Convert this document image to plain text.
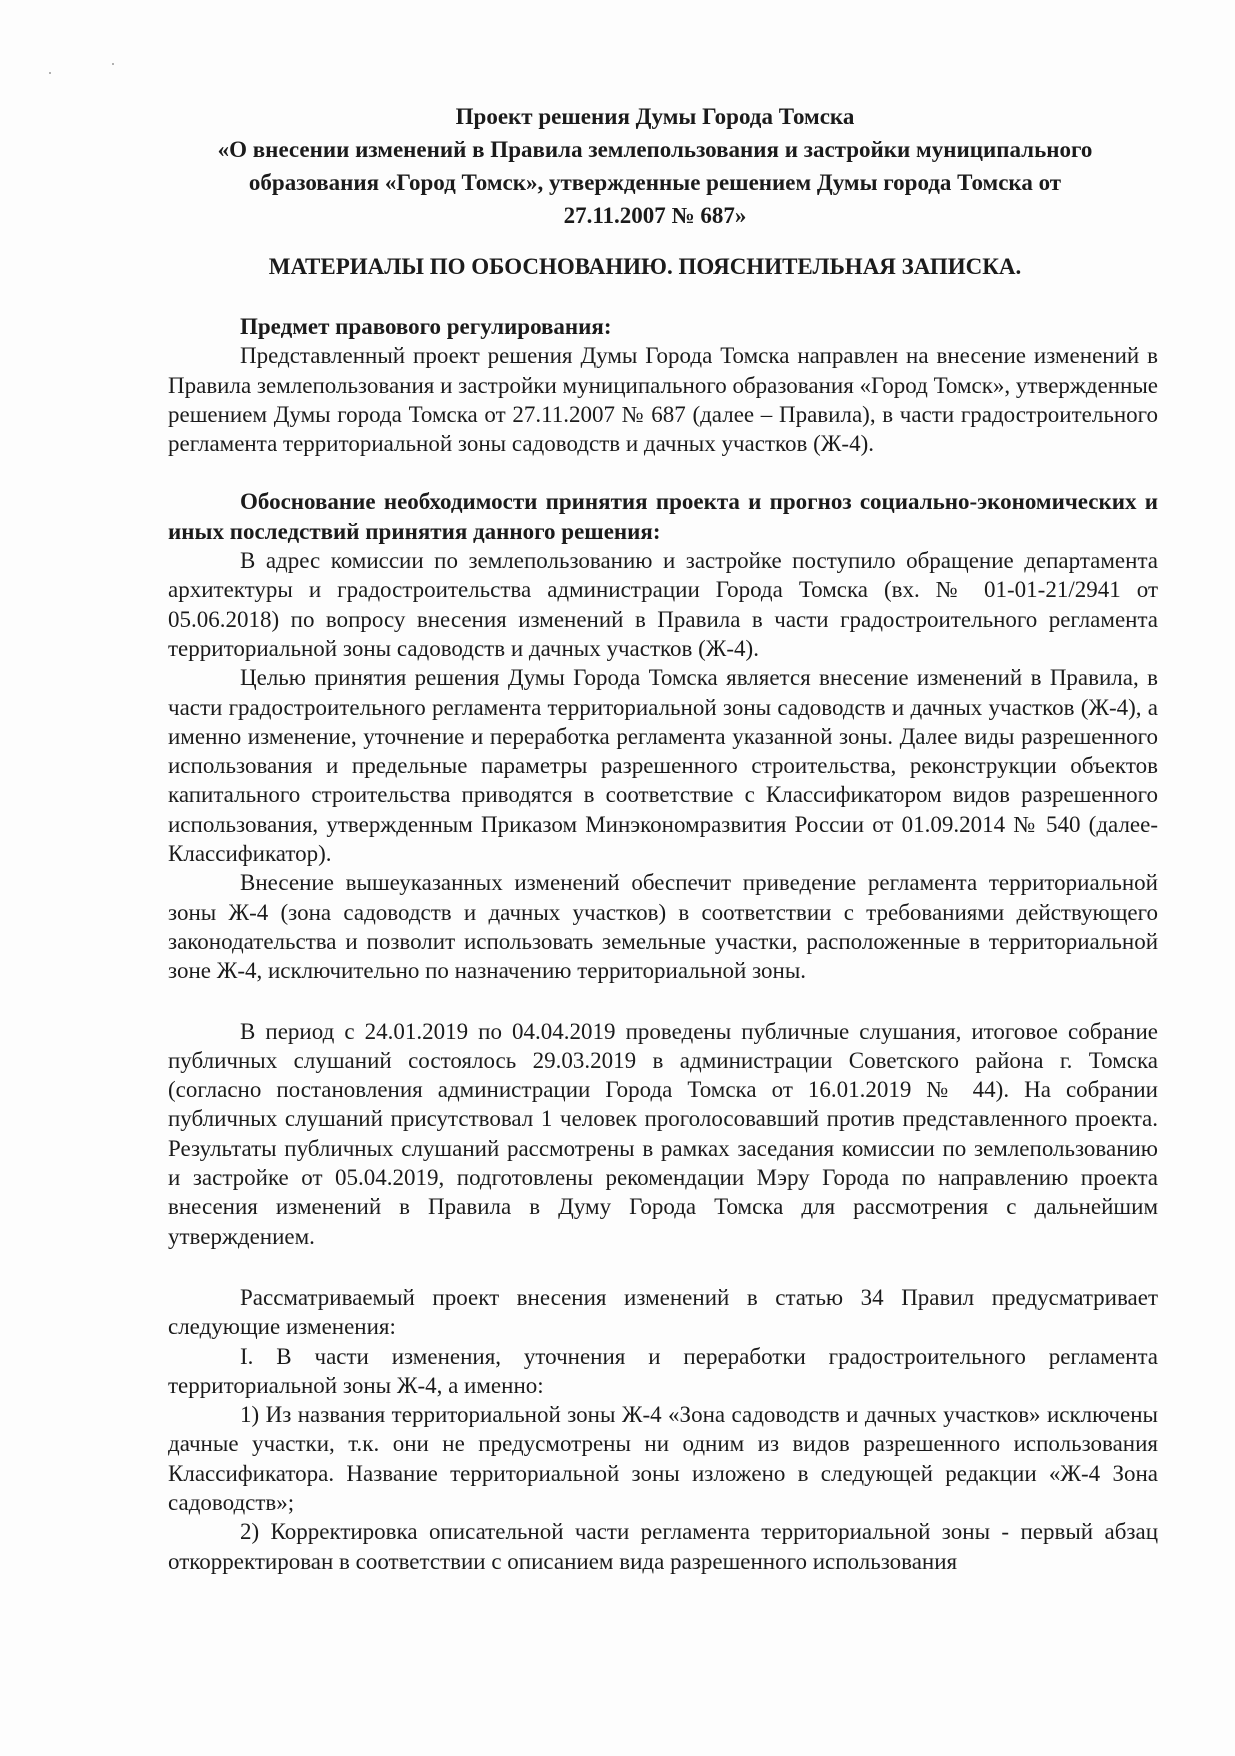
Проект решения Думы Города Томска
«О внесении изменений в Правила землепользования и застройки муниципального
образования «Город Томск», утвержденные решением Думы города Томска от
27.11.2007 № 687»
МАТЕРИАЛЫ ПО ОБОСНОВАНИЮ. ПОЯСНИТЕЛЬНАЯ ЗАПИСКА.
Предмет правового регулирования:

Представленный проект решения Думы Города Томска направлен на внесение изменений в Правила землепользования и застройки муниципального образования «Город Томск», утвержденные решением Думы города Томска от 27.11.2007 № 687 (далее – Правила), в части градостроительного регламента территориальной зоны садоводств и дачных участков (Ж-4).

Обоснование необходимости принятия проекта и прогноз социально-экономических и иных последствий принятия данного решения:

В адрес комиссии по землепользованию и застройке поступило обращение департамента архитектуры и градостроительства администрации Города Томска (вх. № 01-01-21/2941 от 05.06.2018) по вопросу внесения изменений в Правила в части градостроительного регламента территориальной зоны садоводств и дачных участков (Ж-4).

Целью принятия решения Думы Города Томска является внесение изменений в Правила, в части градостроительного регламента территориальной зоны садоводств и дачных участков (Ж-4), а именно изменение, уточнение и переработка регламента указанной зоны. Далее виды разрешенного использования и предельные параметры разрешенного строительства, реконструкции объектов капитального строительства приводятся в соответствие с Классификатором видов разрешенного использования, утвержденным Приказом Минэкономразвития России от 01.09.2014 № 540 (далее-Классификатор).

Внесение вышеуказанных изменений обеспечит приведение регламента территориальной зоны Ж-4 (зона садоводств и дачных участков) в соответствии с требованиями действующего законодательства и позволит использовать земельные участки, расположенные в территориальной зоне Ж-4, исключительно по назначению территориальной зоны.

В период с 24.01.2019 по 04.04.2019 проведены публичные слушания, итоговое собрание публичных слушаний состоялось 29.03.2019 в администрации Советского района г. Томска (согласно постановления администрации Города Томска от 16.01.2019 № 44). На собрании публичных слушаний присутствовал 1 человек проголосовавший против представленного проекта. Результаты публичных слушаний рассмотрены в рамках заседания комиссии по землепользованию и застройке от 05.04.2019, подготовлены рекомендации Мэру Города по направлению проекта внесения изменений в Правила в Думу Города Томска для рассмотрения с дальнейшим утверждением.

Рассматриваемый проект внесения изменений в статью 34 Правил предусматривает следующие изменения:

I. В части изменения, уточнения и переработки градостроительного регламента территориальной зоны Ж-4, а именно:

1) Из названия территориальной зоны Ж-4 «Зона садоводств и дачных участков» исключены дачные участки, т.к. они не предусмотрены ни одним из видов разрешенного использования Классификатора. Название территориальной зоны изложено в следующей редакции «Ж-4 Зона садоводств»;

2) Корректировка описательной части регламента территориальной зоны - первый абзац откорректирован в соответствии с описанием вида разрешенного использования
